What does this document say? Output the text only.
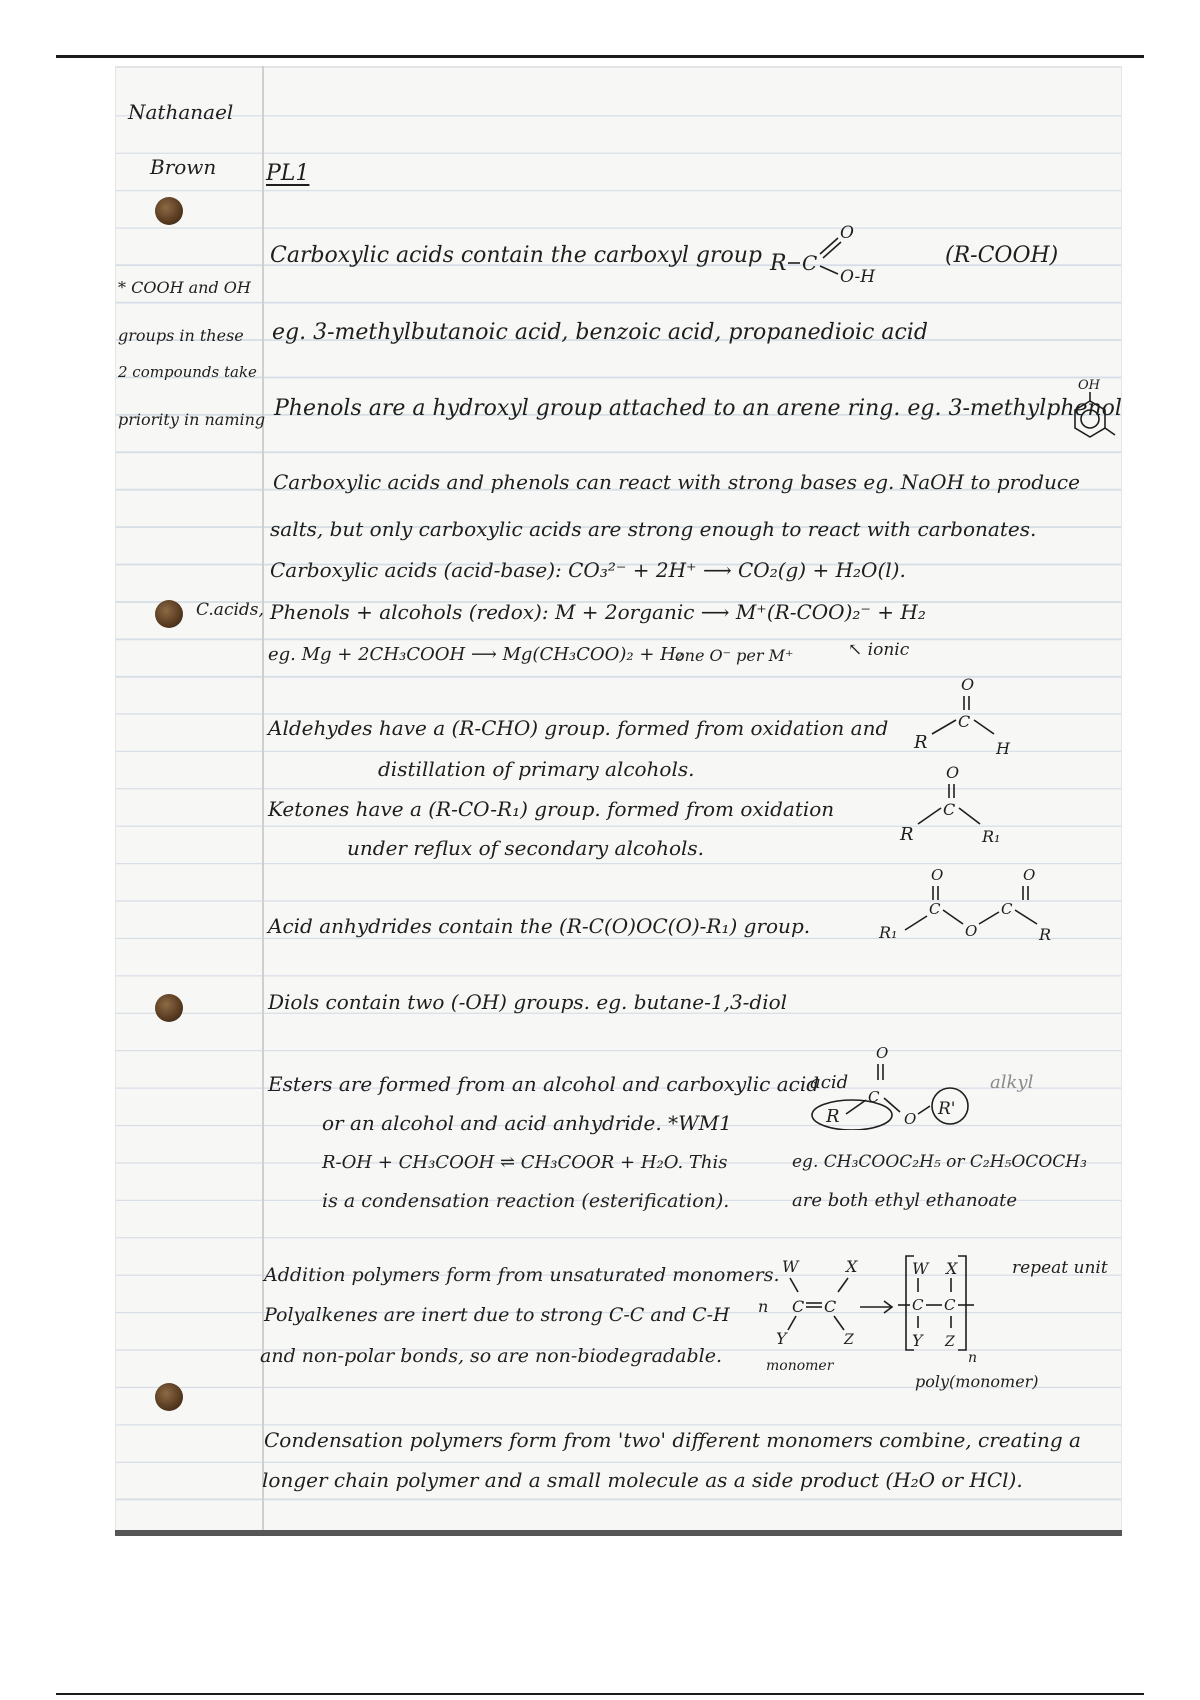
Nathanael

Brown PL1

* COOH and OH

groups in these

2 compounds take

priority in naming

C.acids,

Carboxylic acids contain the carboxyl group R C
O
O-H

(R-COOH)

eg. 3-methylbutanoic acid, benzoic acid, propanedioic acid

Phenols are a hydroxyl group attached to an arene ring. eg. 3-methylphenol

OH

Carboxylic acids and phenols can react with strong bases eg. NaOH to produce

salts, but only carboxylic acids are strong enough to react with carbonates.

Carboxylic acids (acid-base): CO₃²⁻ + 2H⁺ ⟶ CO₂(g) + H₂O(l).

Phenols + alcohols (redox): M + 2organic ⟶ M⁺(R-COO)₂⁻ + H₂

eg. Mg + 2CH₃COOH ⟶ Mg(CH₃COO)₂ + H₂

one O⁻ per M⁺	↖ ionic

Aldehydes have a (R-CHO) group. formed from oxidation and

distillation of primary alcohols.

Ketones have a (R-CO-R₁) group. formed from oxidation

under reflux of secondary alcohols.

O
C
R	H
O
C
R	R₁

Acid anhydrides contain the (R-C(O)OC(O)-R₁) group.	R₁
C
O
O
C
O
R

Diols contain two (-OH) groups. eg. butane-1,3-diol

Esters are formed from an alcohol and carboxylic acid

or an alcohol and acid anhydride. *WM1

R-OH + CH₃COOH ⇌ CH₃COOR + H₂O. This

is a condensation reaction (esterification).

acid	alkyl

O
R
C
O R'

eg. CH₃COOC₂H₅ or C₂H₅OCOCH₃

are both ethyl ethanoate

Addition polymers form from unsaturated monomers.

Polyalkenes are inert due to strong C-C and C-H

and non-polar bonds, so are non-biodegradable.

W	X
n C C
Y	Z
W X
C C
Y Z
n

repeat unit

monomer

poly(monomer)

Condensation polymers form from 'two' different monomers combine, creating a

longer chain polymer and a small molecule as a side product (H₂O or HCl).
